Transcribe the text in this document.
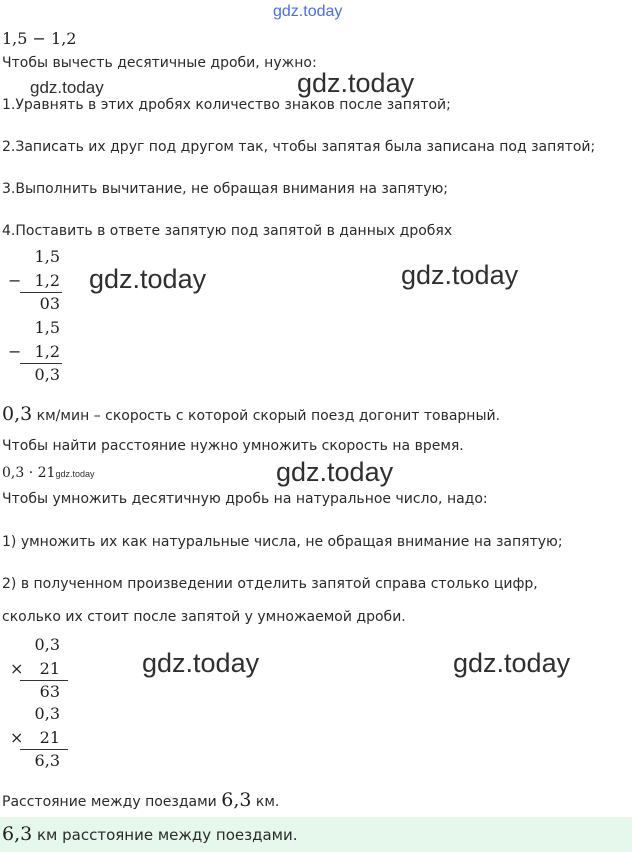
gdz.today
1,5 − 1,2
Чтобы вычесть десятичные дроби, нужно:
gdz.today	gdz.today
1.Уравнять в этих дробях количество знаков после запятой;
2.Записать их друг под другом так, чтобы запятая была записана под запятой;
3.Выполнить вычитание, не обращая внимания на запятую;
4.Поставить в ответе запятую под запятой в данных дробях
1,5
− 1,2
03
gdz.today	gdz.today
1,5
− 1,2
0,3
0,3 км/мин – скорость с которой скорый поезд догонит товарный.
Чтобы найти расстояние нужно умножить скорость на время.
0,3 · 21gdz.today	gdz.today
Чтобы умножить десятичную дробь на натуральное число, надо:
1) умножить их как натуральные числа, не обращая внимание на запятую;
2) в полученном произведении отделить запятой справа столько цифр,
сколько их стоит после запятой у умножаемой дроби.
0,3
× 21
63
gdz.today	gdz.today
0,3
× 21
6,3
Расстояние между поездами 6,3 км.
6,3 км расстояние между поездами.
